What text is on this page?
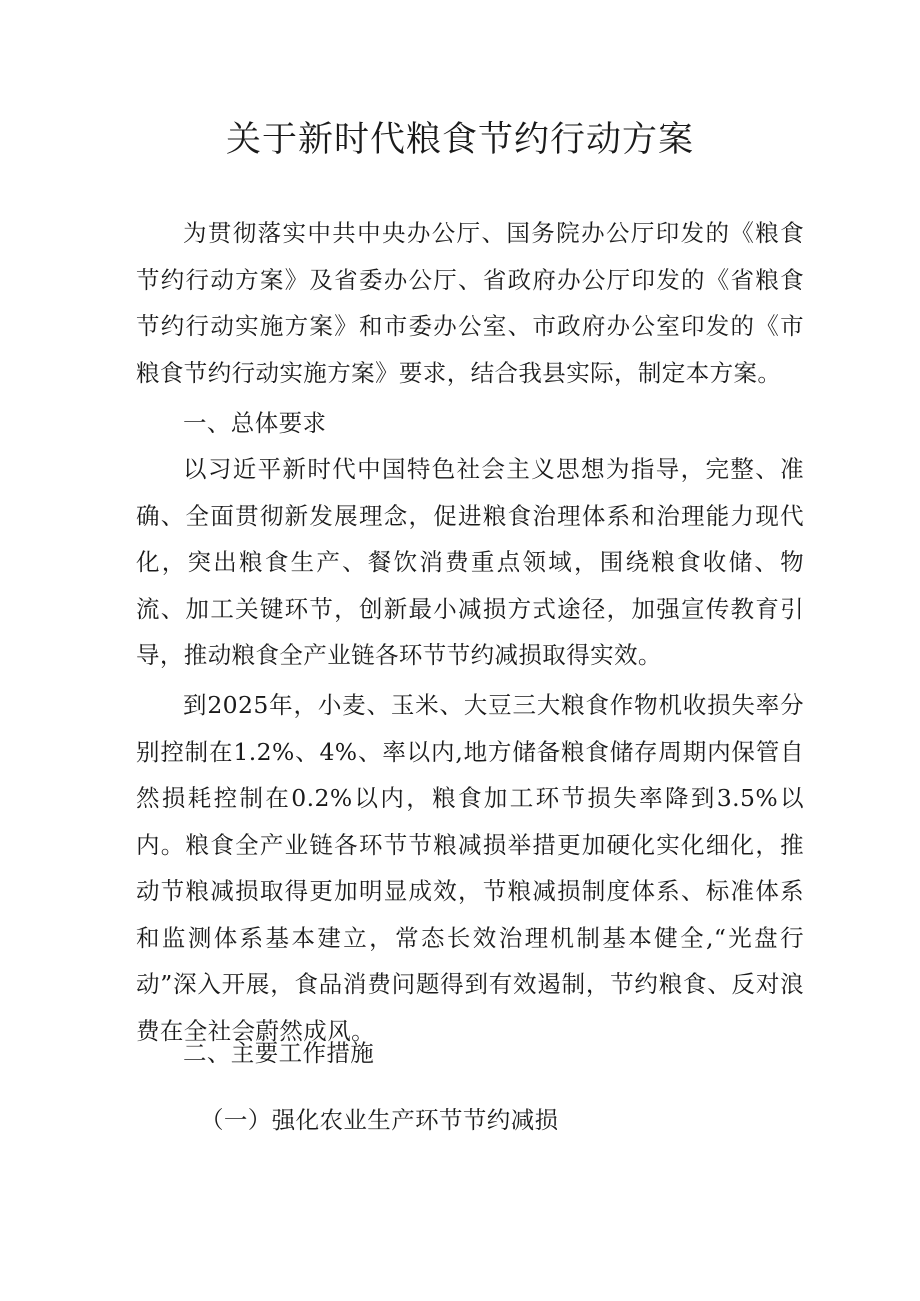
关于新时代粮食节约行动方案

为贯彻落实中共中央办公厅、国务院办公厅印发的《粮食节约行动方案》及省委办公厅、省政府办公厅印发的《省粮食节约行动实施方案》和市委办公室、市政府办公室印发的《市粮食节约行动实施方案》要求，结合我县实际，制定本方案。

一、总体要求

以习近平新时代中国特色社会主义思想为指导，完整、准确、全面贯彻新发展理念，促进粮食治理体系和治理能力现代化，突出粮食生产、餐饮消费重点领域，围绕粮食收储、物流、加工关键环节，创新最小减损方式途径，加强宣传教育引导，推动粮食全产业链各环节节约减损取得实效。

到2025年，小麦、玉米、大豆三大粮食作物机收损失率分别控制在1.2%、4%、率以内,地方储备粮食储存周期内保管自然损耗控制在0.2%以内，粮食加工环节损失率降到3.5%以内。粮食全产业链各环节节粮减损举措更加硬化实化细化，推动节粮减损取得更加明显成效，节粮减损制度体系、标准体系和监测体系基本建立，常态长效治理机制基本健全,“光盘行动”深入开展，食品消费问题得到有效遏制，节约粮食、反对浪费在全社会蔚然成风。

二、主要工作措施
（一）强化农业生产环节节约减损
